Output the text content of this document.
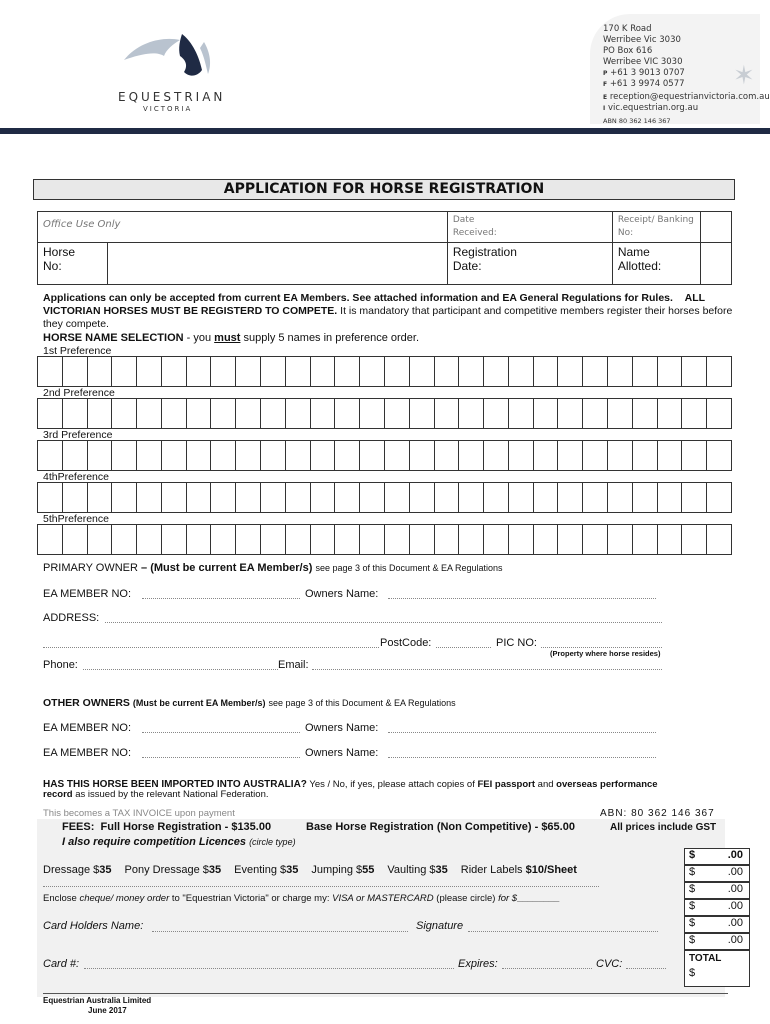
EQUESTRIAN
VICTORIA
170 K Road
Werribee Vic 3030
PO Box 616
Werribee VIC 3030
P +61 3 9013 0707
F +61 3 9974 0577
E reception@equestrianvictoria.com.au
I vic.equestrian.org.au
ABN 80 362 146 367
✶
APPLICATION FOR HORSE REGISTRATION
Office Use Only		Date Received:	Receipt/ Banking No:	

Horse No:		Registration Date:	Name Allotted:	

Applications can only be accepted from current EA Members. See attached information and EA General Regulations for Rules. ALL VICTORIAN HORSES MUST BE REGISTERD TO COMPETE. It is mandatory that participant and competitive members register their horses before they compete.
HORSE NAME SELECTION - you must supply 5 names in preference order.
1st Preference
2nd Preference
3rd Preference
4thPreference
5thPreference
PRIMARY OWNER – (Must be current EA Member/s) see page 3 of this Document & EA Regulations
EA MEMBER NO:	Owners Name:
ADDRESS:
PostCode:	PIC NO:
(Property where horse resides)
Phone:	Email:
OTHER OWNERS (Must be current EA Member/s) see page 3 of this Document & EA Regulations
EA MEMBER NO:	Owners Name:
EA MEMBER NO:	Owners Name:
HAS THIS HORSE BEEN IMPORTED INTO AUSTRALIA? Yes / No, if yes, please attach copies of FEI passport and overseas performance record as issued by the relevant National Federation.
This becomes a TAX INVOICE upon payment	ABN: 80 362 146 367
FEES: Full Horse Registration - $135.00	Base Horse Registration (Non Competitive) - $65.00	All prices include GST
I also require competition Licences (circle type)
Dressage $35 Pony Dressage $35 Eventing $35 Jumping $55 Vaulting $35 Rider Labels $10/Sheet
Enclose cheque/ money order to "Equestrian Victoria" or charge my: VISA or MASTERCARD (please circle) for $________
Card Holders Name:	Signature
Card #:	Expires:	CVC:
$	.00
$	.00
$	.00
$	.00
$	.00
$	.00
TOTAL
$
Equestrian Australia Limited
June 2017
